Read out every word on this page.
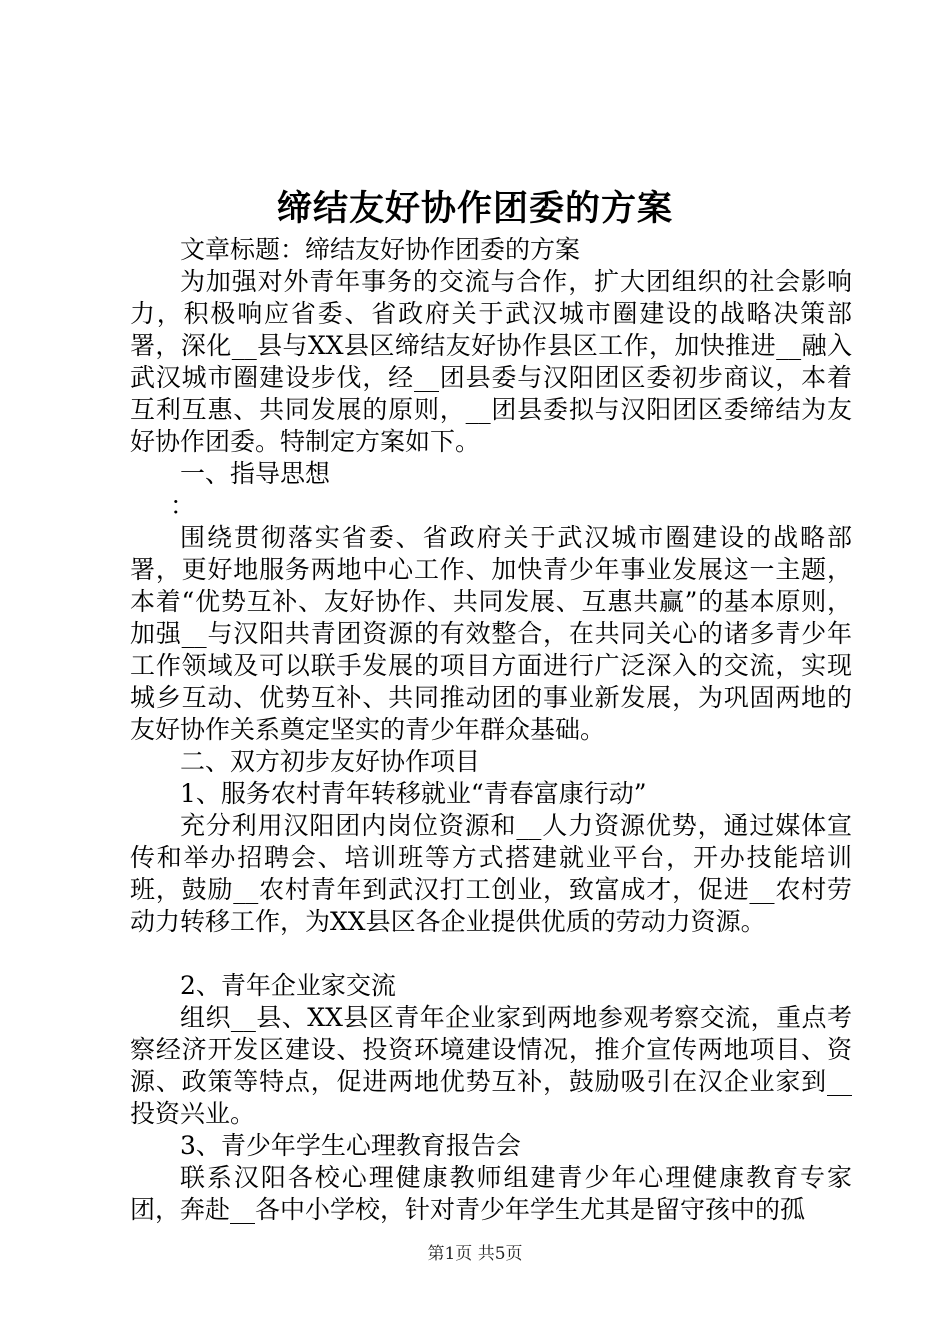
缔结友好协作团委的方案

文章标题：缔结友好协作团委的方案

为加强对外青年事务的交流与合作，扩大团组织的社会影响力，积极响应省委、省政府关于武汉城市圈建设的战略决策部署，深化__县与XX县区缔结友好协作县区工作，加快推进__融入武汉城市圈建设步伐，经__团县委与汉阳团区委初步商议，本着互利互惠、共同发展的原则，__团县委拟与汉阳团区委缔结为友好协作团委。特制定方案如下。

一、指导思想

：

围绕贯彻落实省委、省政府关于武汉城市圈建设的战略部署，更好地服务两地中心工作、加快青少年事业发展这一主题，本着“优势互补、友好协作、共同发展、互惠共赢”的基本原则，加强__与汉阳共青团资源的有效整合，在共同关心的诸多青少年工作领域及可以联手发展的项目方面进行广泛深入的交流，实现城乡互动、优势互补、共同推动团的事业新发展，为巩固两地的友好协作关系奠定坚实的青少年群众基础。

二、双方初步友好协作项目

1、服务农村青年转移就业“青春富康行动”

充分利用汉阳团内岗位资源和__人力资源优势，通过媒体宣传和举办招聘会、培训班等方式搭建就业平台，开办技能培训班，鼓励__农村青年到武汉打工创业，致富成才，促进__农村劳动力转移工作，为XX县区各企业提供优质的劳动力资源。

2、青年企业家交流

组织__县、XX县区青年企业家到两地参观考察交流，重点考察经济开发区建设、投资环境建设情况，推介宣传两地项目、资源、政策等特点，促进两地优势互补，鼓励吸引在汉企业家到__投资兴业。

3、青少年学生心理教育报告会

联系汉阳各校心理健康教师组建青少年心理健康教育专家团，奔赴__各中小学校，针对青少年学生尤其是留守孩中的孤

第1页 共5页
